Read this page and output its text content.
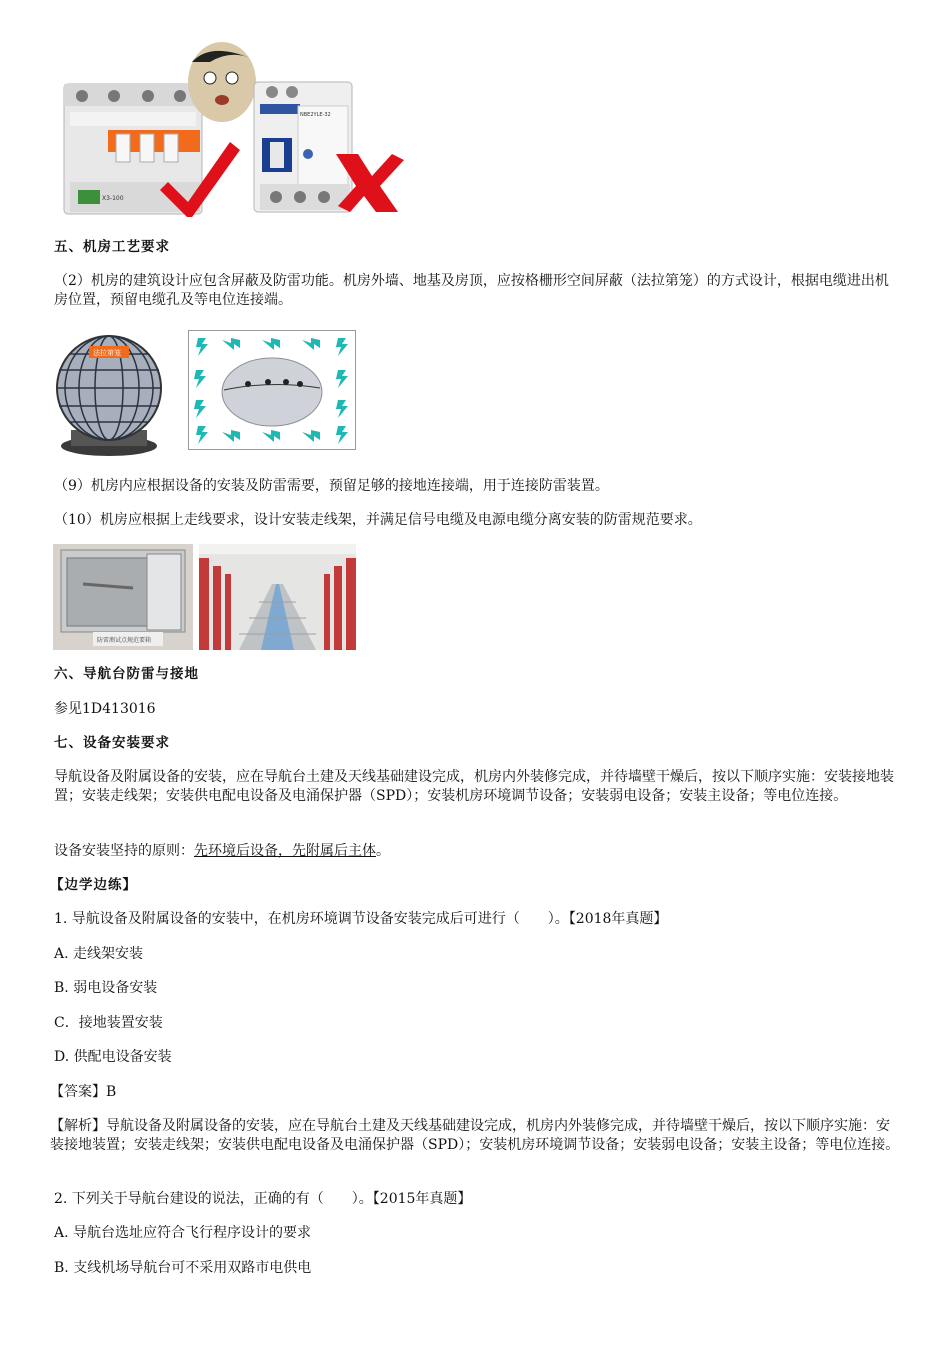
X3-100
NBE2YLE-32
五、机房工艺要求
（2）机房的建筑设计应包含屏蔽及防雷功能。机房外墙、地基及房顶，应按格栅形空间屏蔽（法拉第笼）的方式设计，根据电缆进出机房位置，预留电缆孔及等电位连接端。
法拉第笼
（9）机房内应根据设备的安装及防雷需要，预留足够的接地连接端，用于连接防雷装置。
（10）机房应根据上走线要求，设计安装走线架，并满足信号电缆及电源电缆分离安装的防雷规范要求。
防雷测试点规范要箱
六、导航台防雷与接地
参见1D413016
七、设备安装要求
导航设备及附属设备的安装，应在导航台土建及天线基础建设完成，机房内外装修完成，并待墙壁干燥后，按以下顺序实施：安装接地装置；安装走线架；安装供电配电设备及电涌保护器（SPD）；安装机房环境调节设备；安装弱电设备；安装主设备；等电位连接。
设备安装坚持的原则：先环境后设备，先附属后主体。
【边学边练】
1. 导航设备及附属设备的安装中，在机房环境调节设备安装完成后可进行（　　）。【2018年真题】
A. 走线架安装
B. 弱电设备安装
C．接地装置安装
D. 供配电设备安装
【答案】B
【解析】导航设备及附属设备的安装，应在导航台土建及天线基础建设完成，机房内外装修完成，并待墙壁干燥后，按以下顺序实施：安装接地装置；安装走线架；安装供电配电设备及电涌保护器（SPD）；安装机房环境调节设备；安装弱电设备；安装主设备；等电位连接。
2. 下列关于导航台建设的说法，正确的有（　　）。【2015年真题】
A. 导航台选址应符合飞行程序设计的要求
B. 支线机场导航台可不采用双路市电供电
